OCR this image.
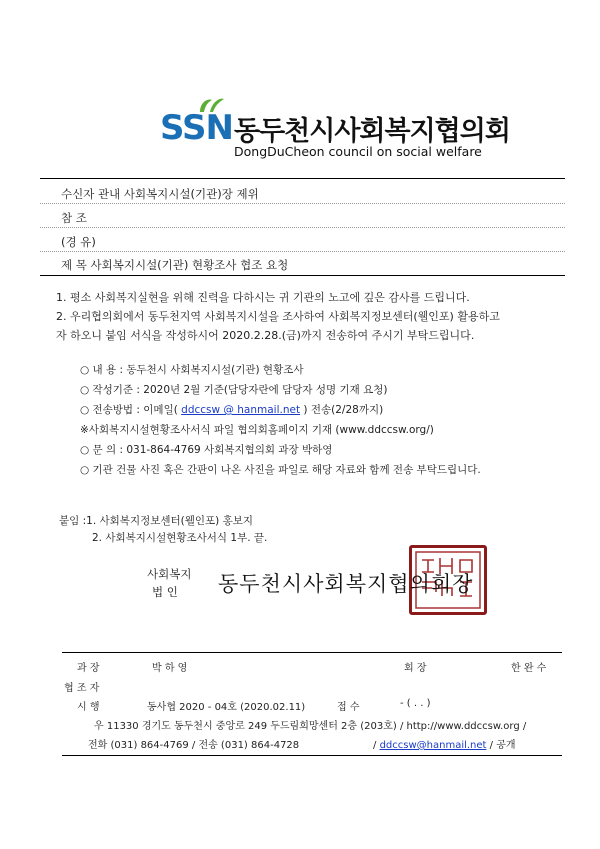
SSN 동두천시사회복지협의회
DongDuCheon council on social welfare
수신자 관내 사회복지시설(기관)장 제위
참 조
(경 유)
제 목 사회복지시설(기관) 현황조사 협조 요청
1. 평소 사회복지실현을 위해 진력을 다하시는 귀 기관의 노고에 깊은 감사를 드립니다.
2. 우리협의회에서 동두천지역 사회복지시설을 조사하여 사회복지정보센터(웰인포) 활용하고
자 하오니 붙임 서식을 작성하시어 2020.2.28.(금)까지 전송하여 주시기 부탁드립니다.
○ 내 용 : 동두천시 사회복지시설(기관) 현황조사
○ 작성기준 : 2020년 2월 기준(담당자란에 담당자 성명 기재 요청)
○ 전송방법 : 이메일( ddccsw @ hanmail.net ) 전송(2/28까지)
※사회복지시설현황조사서식 파일 협의회홈페이지 기재 (www.ddccsw.org/)
○ 문 의 : 031-864-4769 사회복지협의회 과장 박하영
○ 기관 건물 사진 혹은 간판이 나온 사진을 파일로 해당 자료와 함께 전송 부탁드립니다.
붙임 :1. 사회복지정보센터(웰인포) 홍보지
2. 사회복지시설현황조사서식 1부. 끝.
사회복지
법 인 동두천시사회복지협의회장
과 장	박 하 영	회 장	한 완 수
협 조 자
시 행	동사협 2020 - 04호 (2020.02.11)	접 수	- ( . . )
우 11330 경기도 동두천시 중앙로 249 두드림희망센터 2층 (203호) / http://www.ddccsw.org /
전화 (031) 864-4769 / 전송 (031) 864-4728	/ ddccsw@hanmail.net / 공개
